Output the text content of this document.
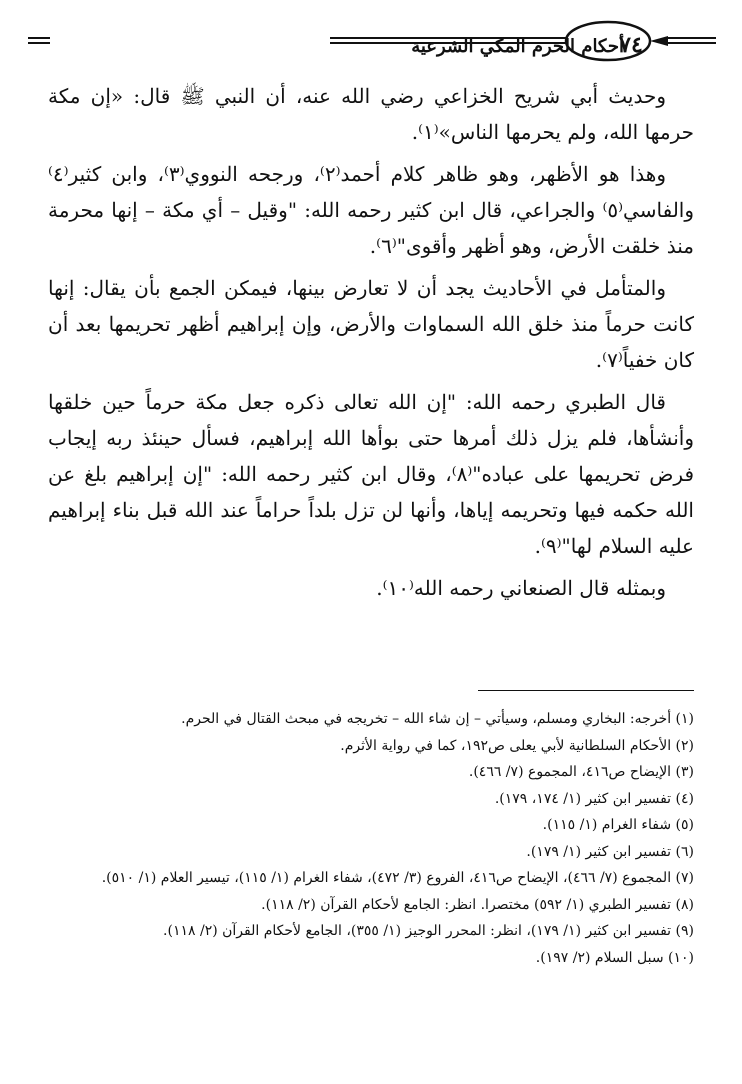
٧٤
أحكام الحرم المكي الشرعية

وحديث أبي شريح الخزاعي رضي الله عنه، أن النبي ﷺ قال: «إن مكة حرمها الله، ولم يحرمها الناس»⁽١⁾.

وهذا هو الأظهر، وهو ظاهر كلام أحمد⁽٢⁾، ورجحه النووي⁽٣⁾، وابن كثير⁽٤⁾ والفاسي⁽٥⁾ والجراعي، قال ابن كثير رحمه الله: "وقيل – أي مكة – إنها محرمة منذ خلقت الأرض، وهو أظهر وأقوى"⁽٦⁾.

والمتأمل في الأحاديث يجد أن لا تعارض بينها، فيمكن الجمع بأن يقال: إنها كانت حرماً منذ خلق الله السماوات والأرض، وإن إبراهيم أظهر تحريمها بعد أن كان خفياً⁽٧⁾.

قال الطبري رحمه الله: "إن الله تعالى ذكره جعل مكة حرماً حين خلقها وأنشأها، فلم يزل ذلك أمرها حتى بوأها الله إبراهيم، فسأل حينئذ ربه إيجاب فرض تحريمها على عباده"⁽٨⁾، وقال ابن كثير رحمه الله: "إن إبراهيم بلغ عن الله حكمه فيها وتحريمه إياها، وأنها لن تزل بلداً حراماً عند الله قبل بناء إبراهيم عليه السلام لها"⁽٩⁾.

وبمثله قال الصنعاني رحمه الله⁽١٠⁾.

(١) أخرجه: البخاري ومسلم، وسيأتي – إن شاء الله – تخريجه في مبحث القتال في الحرم.

(٢) الأحكام السلطانية لأبي يعلى ص١٩٢، كما في رواية الأثرم.

(٣) الإيضاح ص٤١٦، المجموع (٧/ ٤٦٦).

(٤) تفسير ابن كثير (١/ ١٧٤، ١٧٩).

(٥) شفاء الغرام (١/ ١١٥).

(٦) تفسير ابن كثير (١/ ١٧٩).

(٧) المجموع (٧/ ٤٦٦)، الإيضاح ص٤١٦، الفروع (٣/ ٤٧٢)، شفاء الغرام (١/ ١١٥)، تيسير العلام (١/ ٥١٠).

(٨) تفسير الطبري (١/ ٥٩٢) مختصرا. انظر: الجامع لأحكام القرآن (٢/ ١١٨).

(٩) تفسير ابن كثير (١/ ١٧٩)، انظر: المحرر الوجيز (١/ ٣٥٥)، الجامع لأحكام القرآن (٢/ ١١٨).

(١٠) سبل السلام (٢/ ١٩٧).
